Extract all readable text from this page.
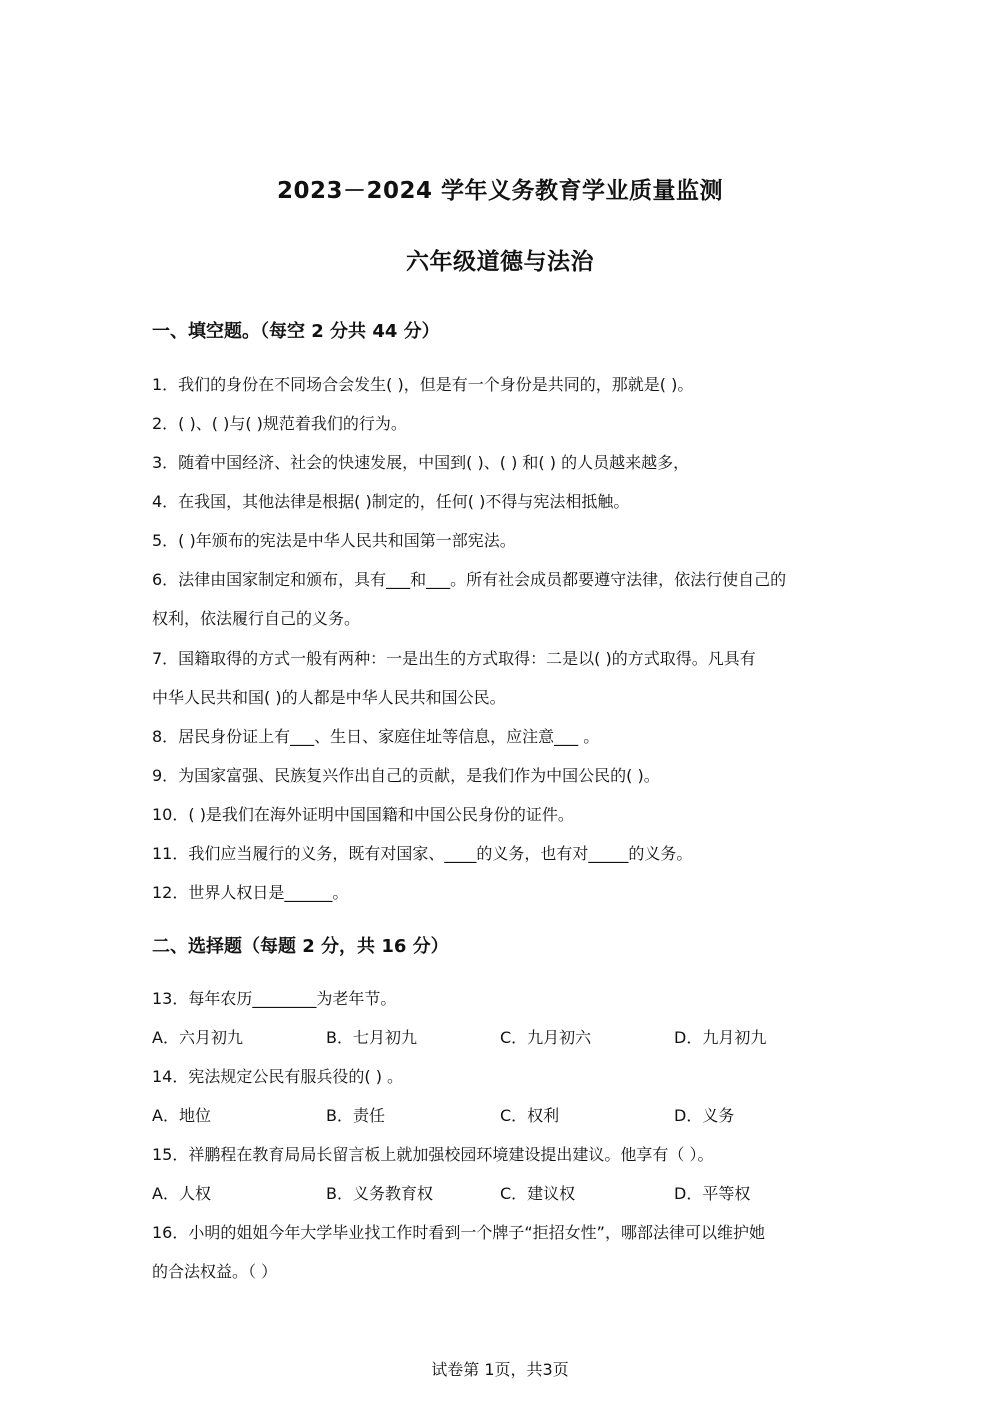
2023－2024 学年义务教育学业质量监测
六年级道德与法治
一、填空题。（每空 2 分共 44 分）
1．我们的身份在不同场合会发生( )，但是有一个身份是共同的，那就是( )。
2．( )、( )与( )规范着我们的行为。
3．随着中国经济、社会的快速发展，中国到( )、( ) 和( ) 的人员越来越多，
4．在我国，其他法律是根据( )制定的，任何( )不得与宪法相抵触。
5．( )年颁布的宪法是中华人民共和国第一部宪法。
6．法律由国家制定和颁布，具有___和___。所有社会成员都要遵守法律，依法行使自己的
权利，依法履行自己的义务。
7．国籍取得的方式一般有两种：一是出生的方式取得：二是以( )的方式取得。凡具有
中华人民共和国( )的人都是中华人民共和国公民。
8．居民身份证上有___、生日、家庭住址等信息，应注意___ 。
9．为国家富强、民族复兴作出自己的贡献，是我们作为中国公民的( )。
10．( )是我们在海外证明中国国籍和中国公民身份的证件。
11．我们应当履行的义务，既有对国家、____的义务，也有对_____的义务。
12．世界人权日是______。
二、选择题（每题 2 分，共 16 分）
13．每年农历________为老年节。
A．六月初九	B．七月初九	C．九月初六	D．九月初九
14．宪法规定公民有服兵役的( ) 。
A．地位	B．责任	C．权利	D．义务
15．祥鹏程在教育局局长留言板上就加强校园环境建设提出建议。他享有（ ）。
A．人权	B．义务教育权	C．建议权	D．平等权
16．小明的姐姐今年大学毕业找工作时看到一个牌子“拒招女性”，哪部法律可以维护她
的合法权益。（ ）
试卷第 1页，共3页
